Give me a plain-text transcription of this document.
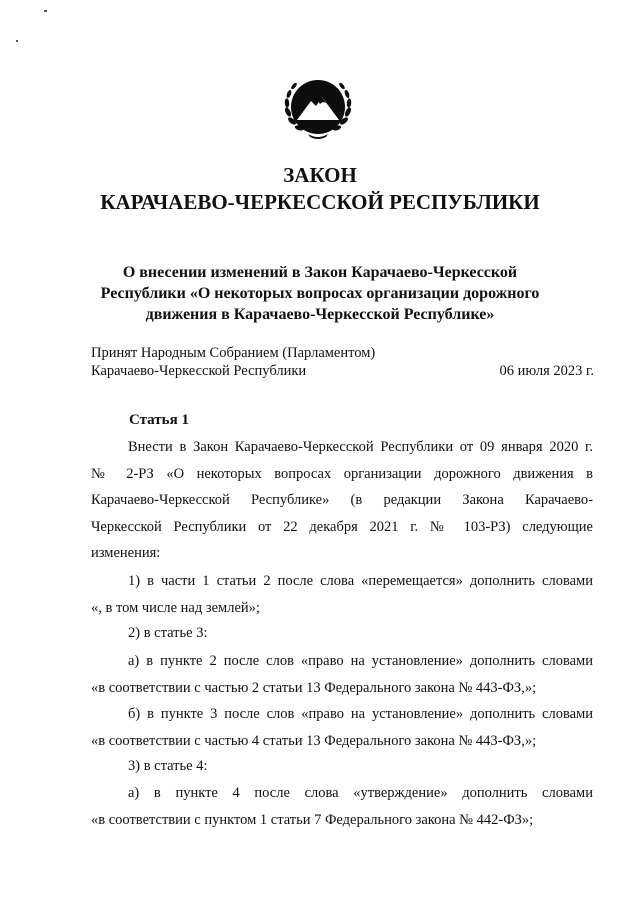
ЗАКОН
КАРАЧАЕВО-ЧЕРКЕССКОЙ РЕСПУБЛИКИ
О внесении изменений в Закон Карачаево-Черкесской
Республики «О некоторых вопросах организации дорожного
движения в Карачаево-Черкесской Республике»
Принят Народным Собранием (Парламентом)
Карачаево-Черкесской Республики	06 июля 2023 г.
Статья 1
Внести в Закон Карачаево-Черкесской Республики от 09 января 2020 г.
№ 2-РЗ «О некоторых вопросах организации дорожного движения в
Карачаево-Черкесской Республике» (в редакции Закона Карачаево-
Черкесской Республики от 22 декабря 2021 г. № 103-РЗ) следующие
изменения:
1) в части 1 статьи 2 после слова «перемещается» дополнить словами
«, в том числе над землей»;
2) в статье 3:
а) в пункте 2 после слов «право на установление» дополнить словами
«в соответствии с частью 2 статьи 13 Федерального закона № 443-ФЗ,»;
б) в пункте 3 после слов «право на установление» дополнить словами
«в соответствии с частью 4 статьи 13 Федерального закона № 443-ФЗ,»;
3) в статье 4:
а) в пункте 4 после слова «утверждение» дополнить словами
«в соответствии с пунктом 1 статьи 7 Федерального закона № 442-ФЗ»;
